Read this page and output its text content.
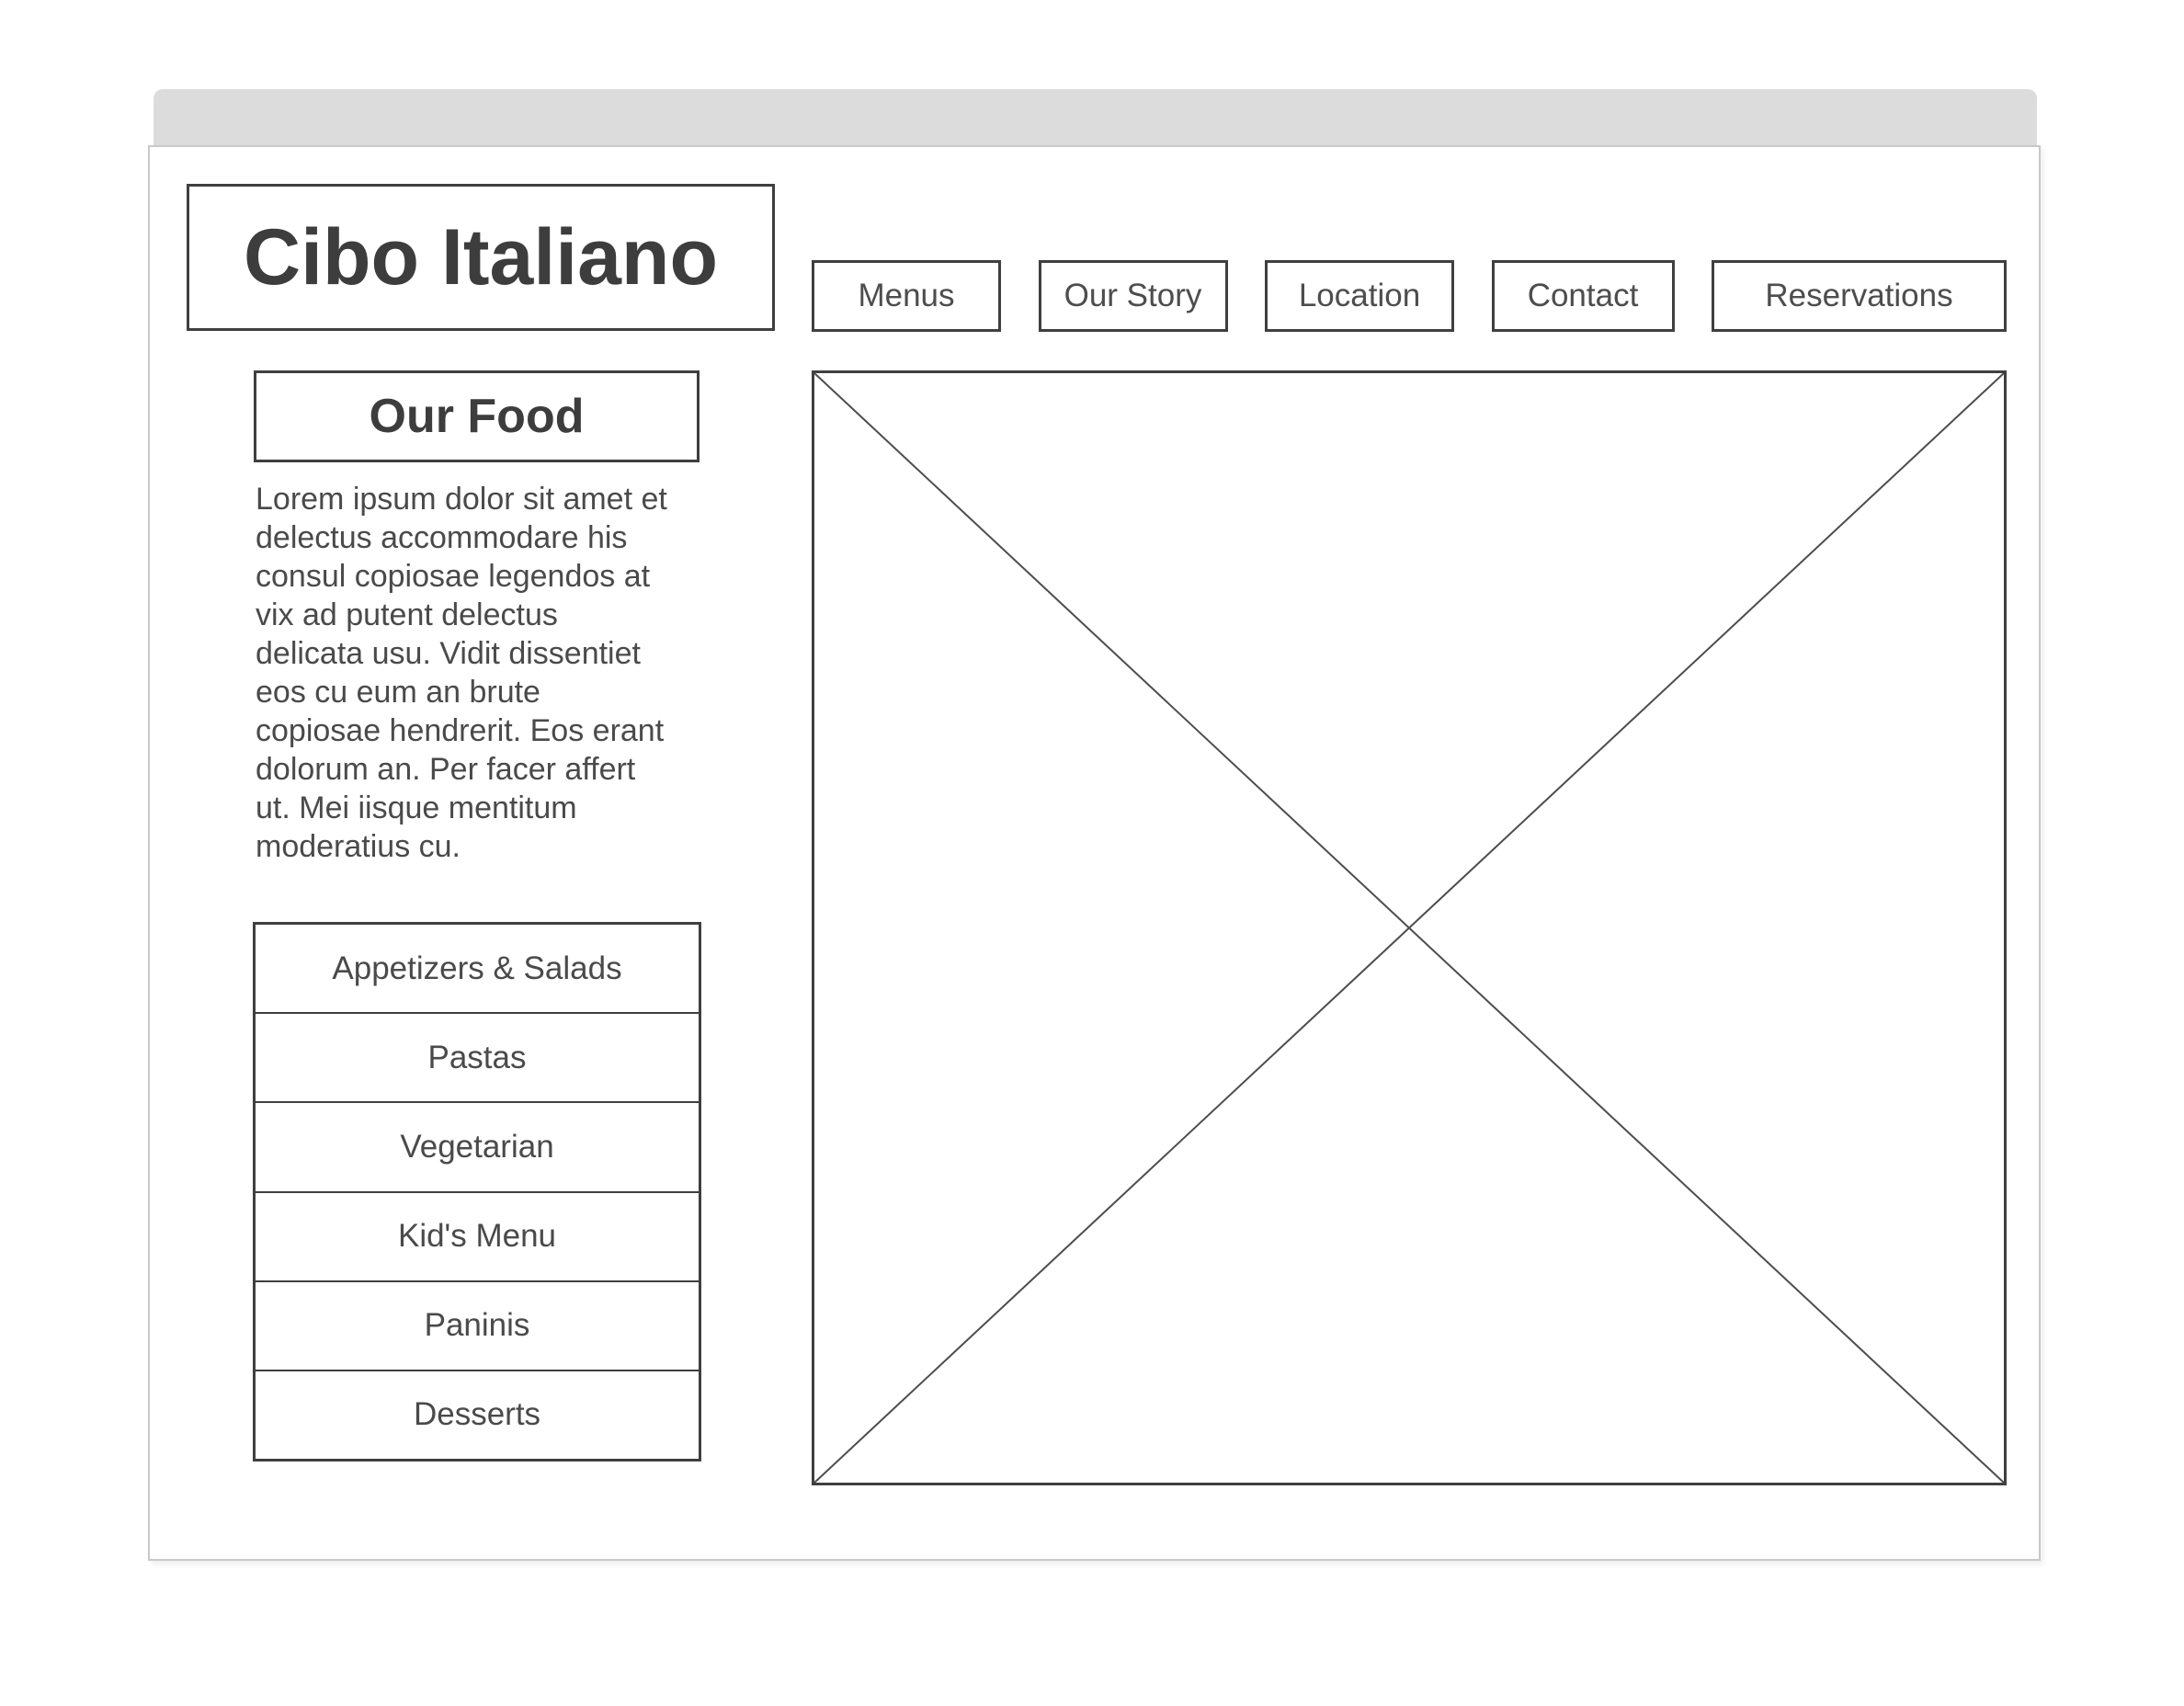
Cibo Italiano	Menus	Our Story	Location	Contact	Reservations
Our Food

Lorem ipsum dolor sit amet et
delectus accommodare his
consul copiosae legendos at
vix ad putent delectus
delicata usu. Vidit dissentiet
eos cu eum an brute
copiosae hendrerit. Eos erant
dolorum an. Per facer affert
ut. Mei iisque mentitum
moderatius cu.

Appetizers & Salads
Pastas
Vegetarian
Kid's Menu
Paninis
Desserts
